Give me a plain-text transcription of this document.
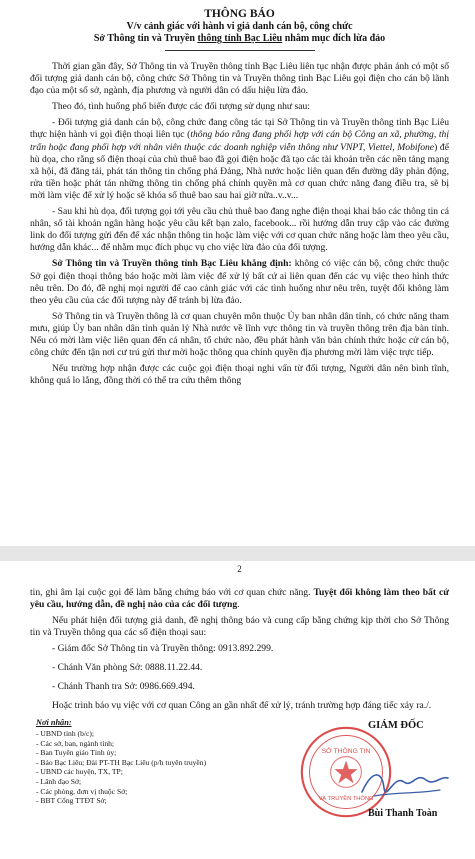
THÔNG BÁO
V/v cảnh giác với hành vi giả danh cán bộ, công chức
Sở Thông tin và Truyền thông tỉnh Bạc Liêu nhằm mục đích lừa đảo

Thời gian gần đây, Sở Thông tin và Truyền thông tỉnh Bạc Liêu liên tục nhận được phản ánh có một số đối tượng giả danh cán bộ, công chức Sở Thông tin và Truyền thông tỉnh Bạc Liêu gọi điện cho cán bộ lãnh đạo của một số sở, ngành, địa phương và người dân có dấu hiệu lừa đảo.

Theo đó, tình huống phổ biến được các đối tượng sử dụng như sau:

- Đối tượng giả danh cán bộ, công chức đang công tác tại Sở Thông tin và Truyền thông tỉnh Bạc Liêu thực hiện hành vi gọi điện thoại liên tục (thông báo rằng đang phối hợp với cán bộ Công an xã, phường, thị trấn hoặc đang phối hợp với nhân viên thuộc các doanh nghiệp viễn thông như VNPT, Viettel, Mobifone) để hù dọa, cho rằng số điện thoại của chủ thuê bao đã gọi điện hoặc đã tạo các tài khoản trên các nền tảng mạng xã hội, đã đăng tải, phát tán thông tin chống phá Đảng, Nhà nước hoặc liên quan đến đường dây phản động, rửa tiền hoặc phát tán những thông tin chống phá chính quyền mà cơ quan chức năng đang điều tra, sẽ bị mời làm việc để xử lý hoặc sẽ khóa số thuê bao sau hai giờ nữa..v..v...

- Sau khi hù dọa, đối tượng gọi tới yêu cầu chủ thuê bao đang nghe điện thoại khai báo các thông tin cá nhân, số tài khoản ngân hàng hoặc yêu cầu kết bạn zalo, facebook... rồi hướng dẫn truy cập vào các đường link do đối tượng gửi đến để xác nhận thông tin hoặc làm việc với cơ quan chức năng hoặc làm theo yêu cầu, hướng dẫn khác... để nhằm mục đích phục vụ cho việc lừa đảo của đối tượng.

Sở Thông tin và Truyền thông tỉnh Bạc Liêu khẳng định: không có việc cán bộ, công chức thuộc Sở gọi điện thoại thông báo hoặc mời làm việc để xử lý bất cứ ai liên quan đến các vụ việc theo hình thức nêu trên. Do đó, đề nghị mọi người để cao cảnh giác với các tình huống như nêu trên, tuyệt đối không làm theo yêu cầu của các đối tượng này để tránh bị lừa đảo.

Sở Thông tin và Truyền thông là cơ quan chuyên môn thuộc Ủy ban nhân dân tỉnh, có chức năng tham mưu, giúp Ủy ban nhân dân tỉnh quản lý Nhà nước về lĩnh vực thông tin và truyền thông trên địa bàn tỉnh. Nếu có mời làm việc liên quan đến cá nhân, tổ chức nào, đều phát hành văn bản chính thức hoặc cử cán bộ, công chức đến tận nơi cư trú gửi thư mời hoặc thông qua chính quyền địa phương mời làm việc trực tiếp.

Nếu trường hợp nhận được các cuộc gọi điện thoại nghi vấn từ đối tượng, Người dân nên bình tĩnh, không quá lo lắng, đồng thời có thể tra cứu thêm thông

2

tin, ghi âm lại cuộc gọi để làm bằng chứng báo với cơ quan chức năng. Tuyệt đối không làm theo bất cứ yêu cầu, hướng dẫn, đề nghị nào của các đối tượng.

Nếu phát hiện đối tượng giả danh, đề nghị thông báo và cung cấp bằng chứng kịp thời cho Sở Thông tin và Truyền thông qua các số điện thoại sau:

- Giám đốc Sở Thông tin và Truyền thông: 0913.892.299.
- Chánh Văn phòng Sở: 0888.11.22.44.
- Chánh Thanh tra Sở: 0986.669.494.

Hoặc trình báo vụ việc với cơ quan Công an gần nhất để xử lý, tránh trường hợp đáng tiếc xảy ra./.

Nơi nhận:
- UBND tỉnh (b/c);
- Các sở, ban, ngành tỉnh;
- Ban Tuyên giáo Tỉnh ủy;
- Báo Bạc Liêu; Đài PT-TH Bạc Liêu (p/h tuyên truyền)
- UBND các huyện, TX, TP;
- Lãnh đạo Sở;
- Các phòng, đơn vị thuộc Sở;
- BBT Cổng TTĐT Sở;
SỞ THÔNG TIN
VÀ TRUYỀN THÔNG
GIÁM ĐỐC
Bùi Thanh Toàn
